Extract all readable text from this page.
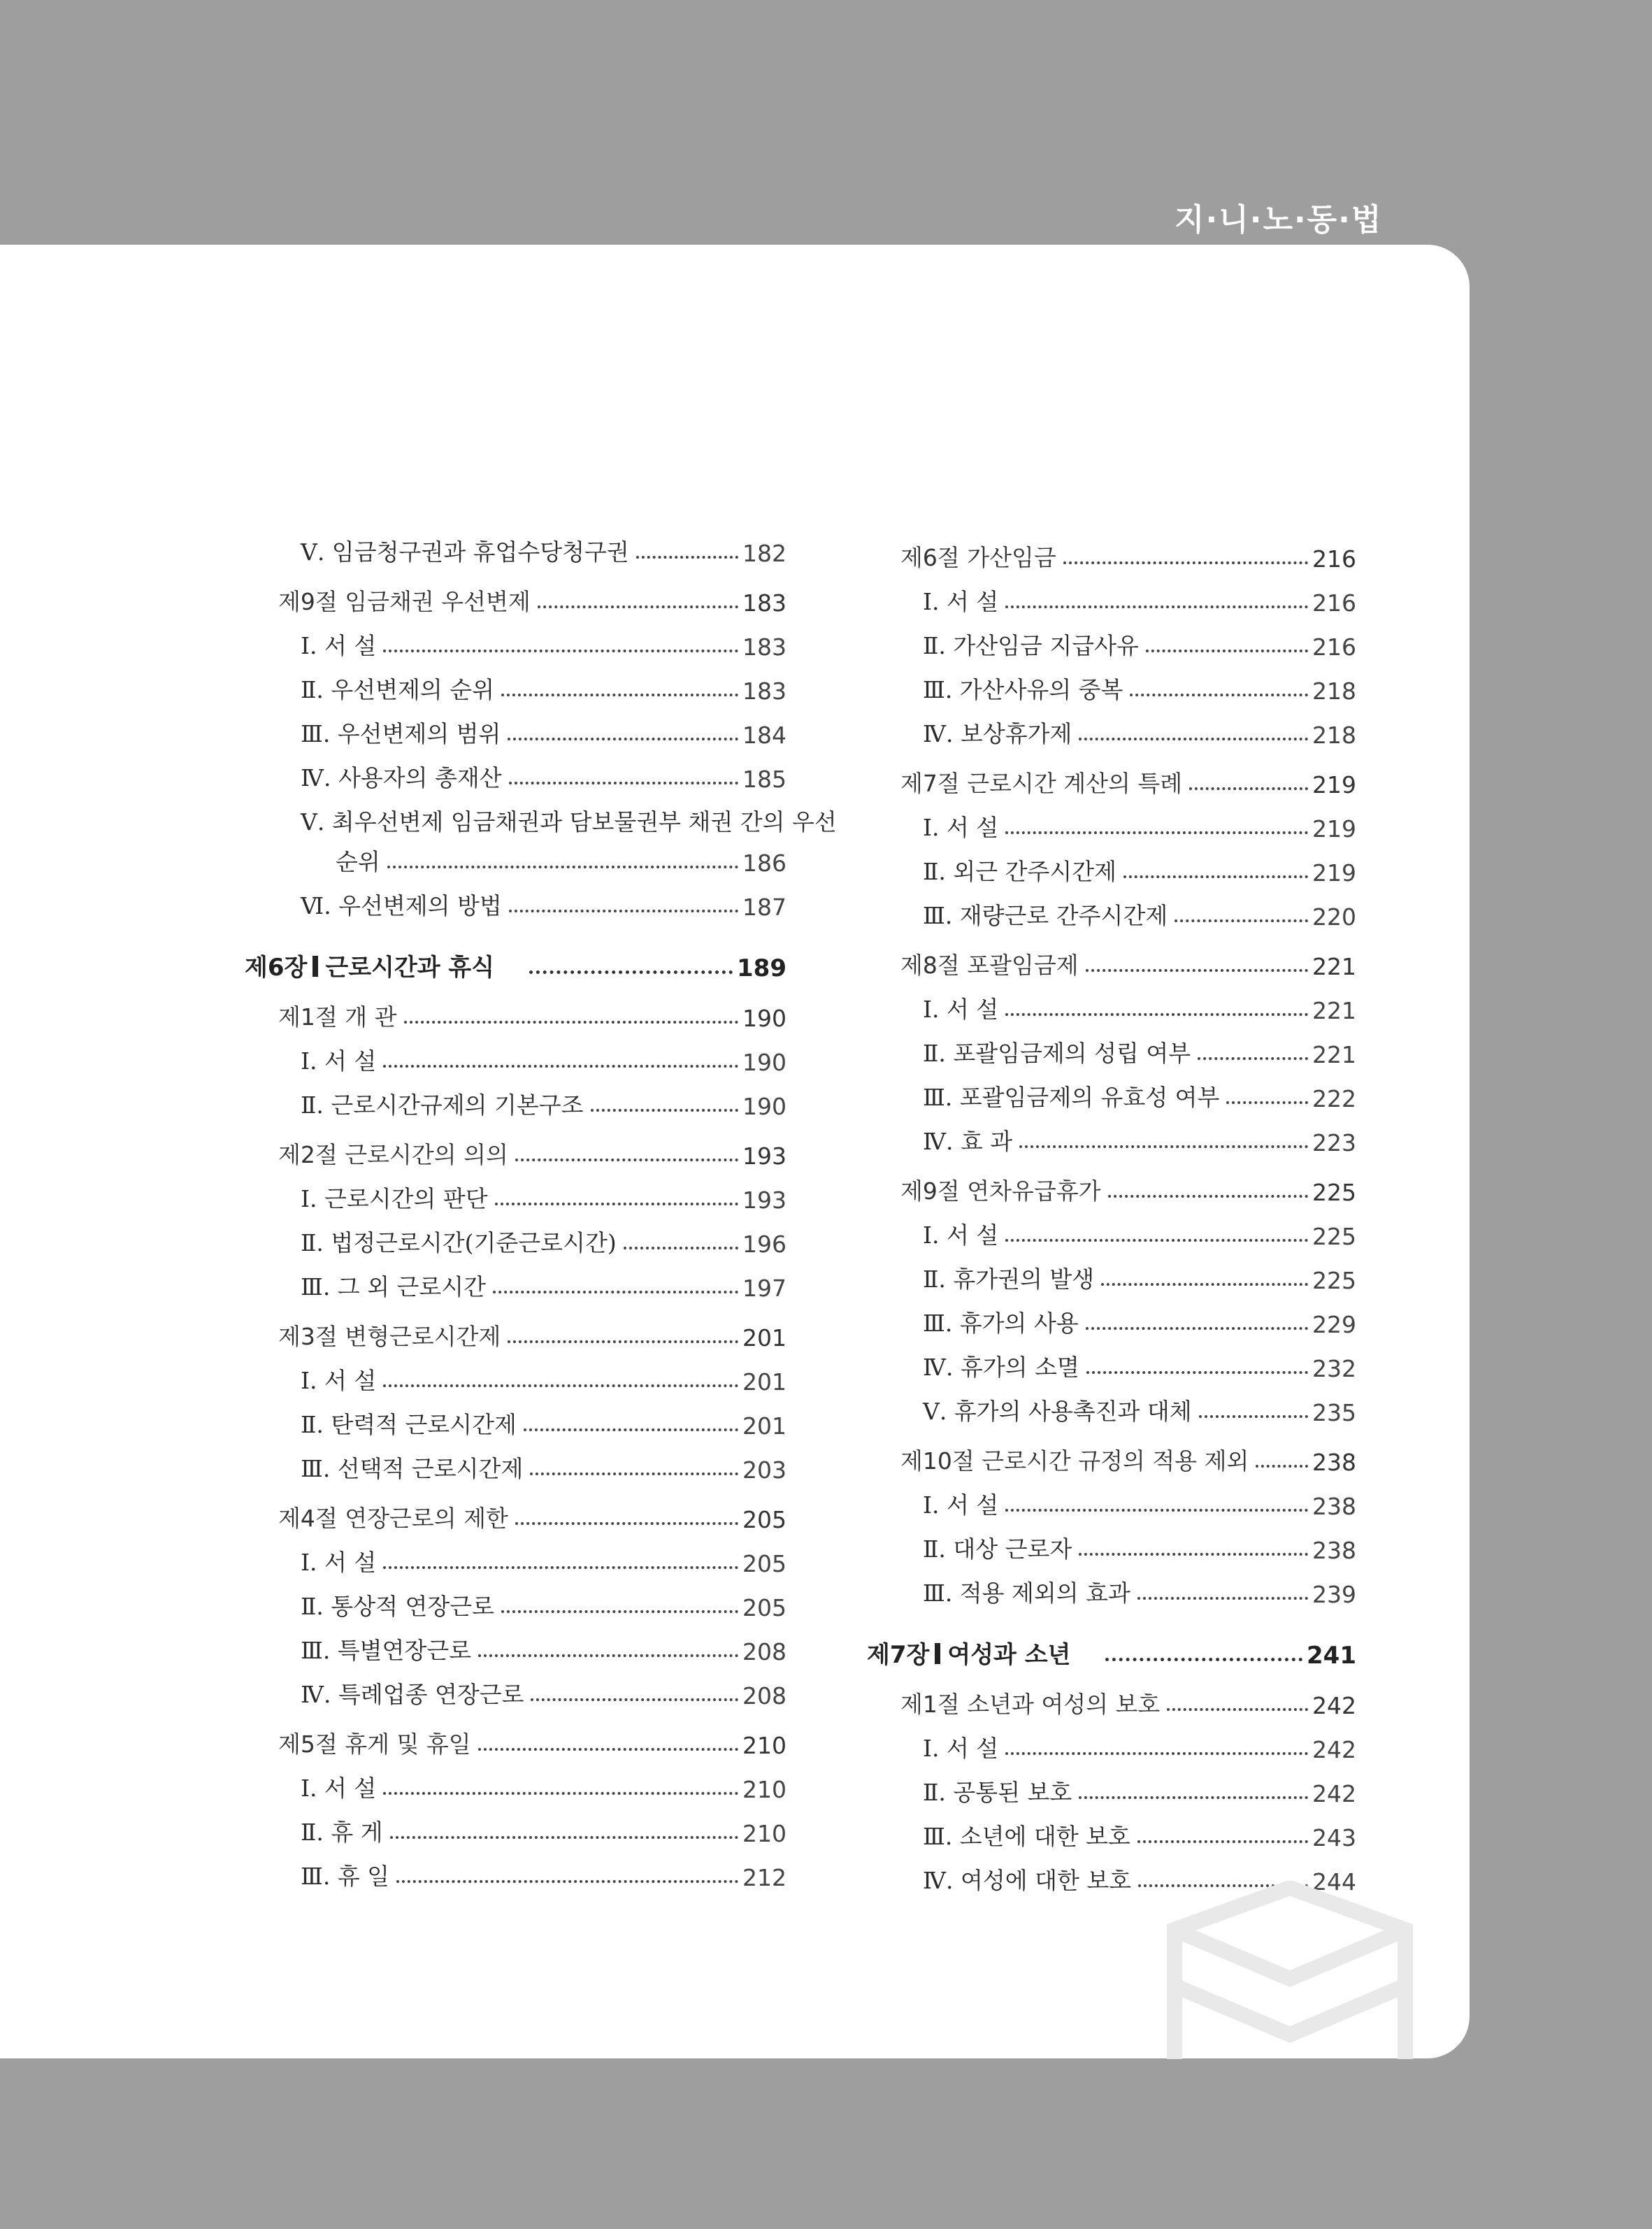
지·니·노·동·법
Ⅴ. 임금청구권과 휴업수당청구권	182
제9절 임금채권 우선변제	183
Ⅰ. 서 설	183
Ⅱ. 우선변제의 순위	183
Ⅲ. 우선변제의 범위	184
Ⅳ. 사용자의 총재산	185
Ⅴ. 최우선변제 임금채권과 담보물권부 채권 간의 우선
순위	186
Ⅵ. 우선변제의 방법	187
제6장 근로시간과 휴식	189
제1절 개 관	190
Ⅰ. 서 설	190
Ⅱ. 근로시간규제의 기본구조	190
제2절 근로시간의 의의	193
Ⅰ. 근로시간의 판단	193
Ⅱ. 법정근로시간(기준근로시간)	196
Ⅲ. 그 외 근로시간	197
제3절 변형근로시간제	201
Ⅰ. 서 설	201
Ⅱ. 탄력적 근로시간제	201
Ⅲ. 선택적 근로시간제	203
제4절 연장근로의 제한	205
Ⅰ. 서 설	205
Ⅱ. 통상적 연장근로	205
Ⅲ. 특별연장근로	208
Ⅳ. 특례업종 연장근로	208
제5절 휴게 및 휴일	210
Ⅰ. 서 설	210
Ⅱ. 휴 게	210
Ⅲ. 휴 일	212
제6절 가산임금	216
Ⅰ. 서 설	216
Ⅱ. 가산임금 지급사유	216
Ⅲ. 가산사유의 중복	218
Ⅳ. 보상휴가제	218
제7절 근로시간 계산의 특례	219
Ⅰ. 서 설	219
Ⅱ. 외근 간주시간제	219
Ⅲ. 재량근로 간주시간제	220
제8절 포괄임금제	221
Ⅰ. 서 설	221
Ⅱ. 포괄임금제의 성립 여부	221
Ⅲ. 포괄임금제의 유효성 여부	222
Ⅳ. 효 과	223
제9절 연차유급휴가	225
Ⅰ. 서 설	225
Ⅱ. 휴가권의 발생	225
Ⅲ. 휴가의 사용	229
Ⅳ. 휴가의 소멸	232
Ⅴ. 휴가의 사용촉진과 대체	235
제10절 근로시간 규정의 적용 제외	238
Ⅰ. 서 설	238
Ⅱ. 대상 근로자	238
Ⅲ. 적용 제외의 효과	239
제7장 여성과 소년	241
제1절 소년과 여성의 보호	242
Ⅰ. 서 설	242
Ⅱ. 공통된 보호	242
Ⅲ. 소년에 대한 보호	243
Ⅳ. 여성에 대한 보호	244
